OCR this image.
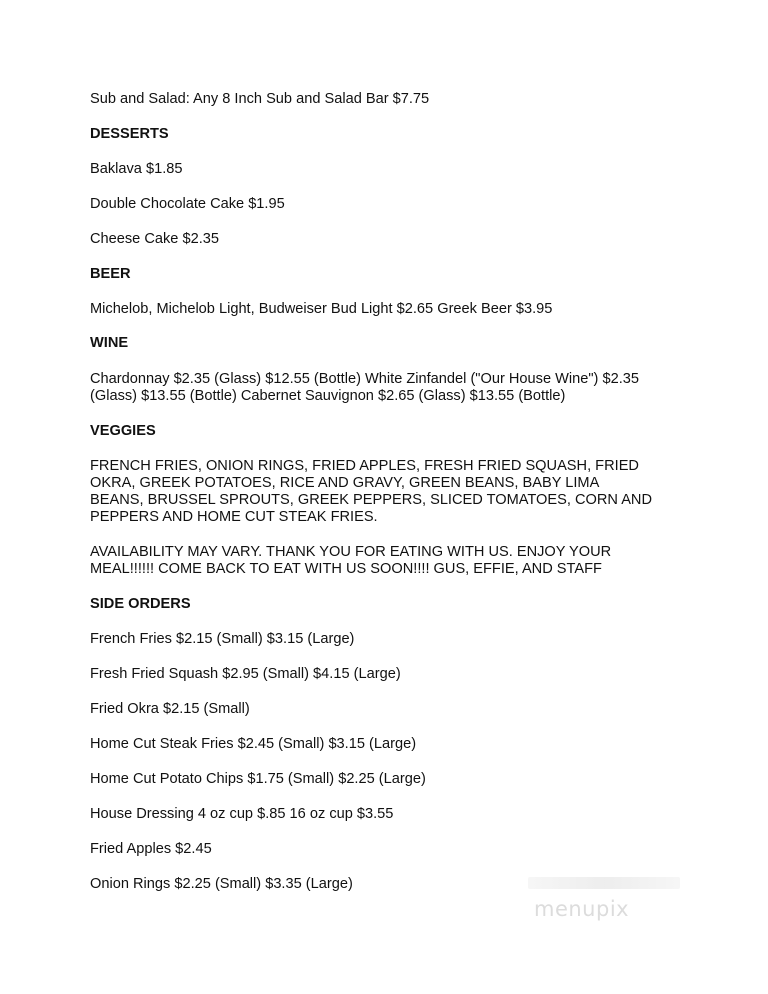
Sub and Salad: Any 8 Inch Sub and Salad Bar $7.75

DESSERTS

Baklava $1.85

Double Chocolate Cake $1.95

Cheese Cake $2.35

BEER

Michelob, Michelob Light, Budweiser Bud Light $2.65 Greek Beer $3.95

WINE

Chardonnay $2.35 (Glass) $12.55 (Bottle) White Zinfandel ("Our House Wine") $2.35

(Glass) $13.55 (Bottle) Cabernet Sauvignon $2.65 (Glass) $13.55 (Bottle)

VEGGIES

FRENCH FRIES, ONION RINGS, FRIED APPLES, FRESH FRIED SQUASH, FRIED

OKRA, GREEK POTATOES, RICE AND GRAVY, GREEN BEANS, BABY LIMA

BEANS, BRUSSEL SPROUTS, GREEK PEPPERS, SLICED TOMATOES, CORN AND

PEPPERS AND HOME CUT STEAK FRIES.

AVAILABILITY MAY VARY. THANK YOU FOR EATING WITH US. ENJOY YOUR

MEAL!!!!!! COME BACK TO EAT WITH US SOON!!!! GUS, EFFIE, AND STAFF

SIDE ORDERS

French Fries $2.15 (Small) $3.15 (Large)

Fresh Fried Squash $2.95 (Small) $4.15 (Large)

Fried Okra $2.15 (Small)

Home Cut Steak Fries $2.45 (Small) $3.15 (Large)

Home Cut Potato Chips $1.75 (Small) $2.25 (Large)

House Dressing 4 oz cup $.85 16 oz cup $3.55

Fried Apples $2.45

Onion Rings $2.25 (Small) $3.35 (Large)

menupix
